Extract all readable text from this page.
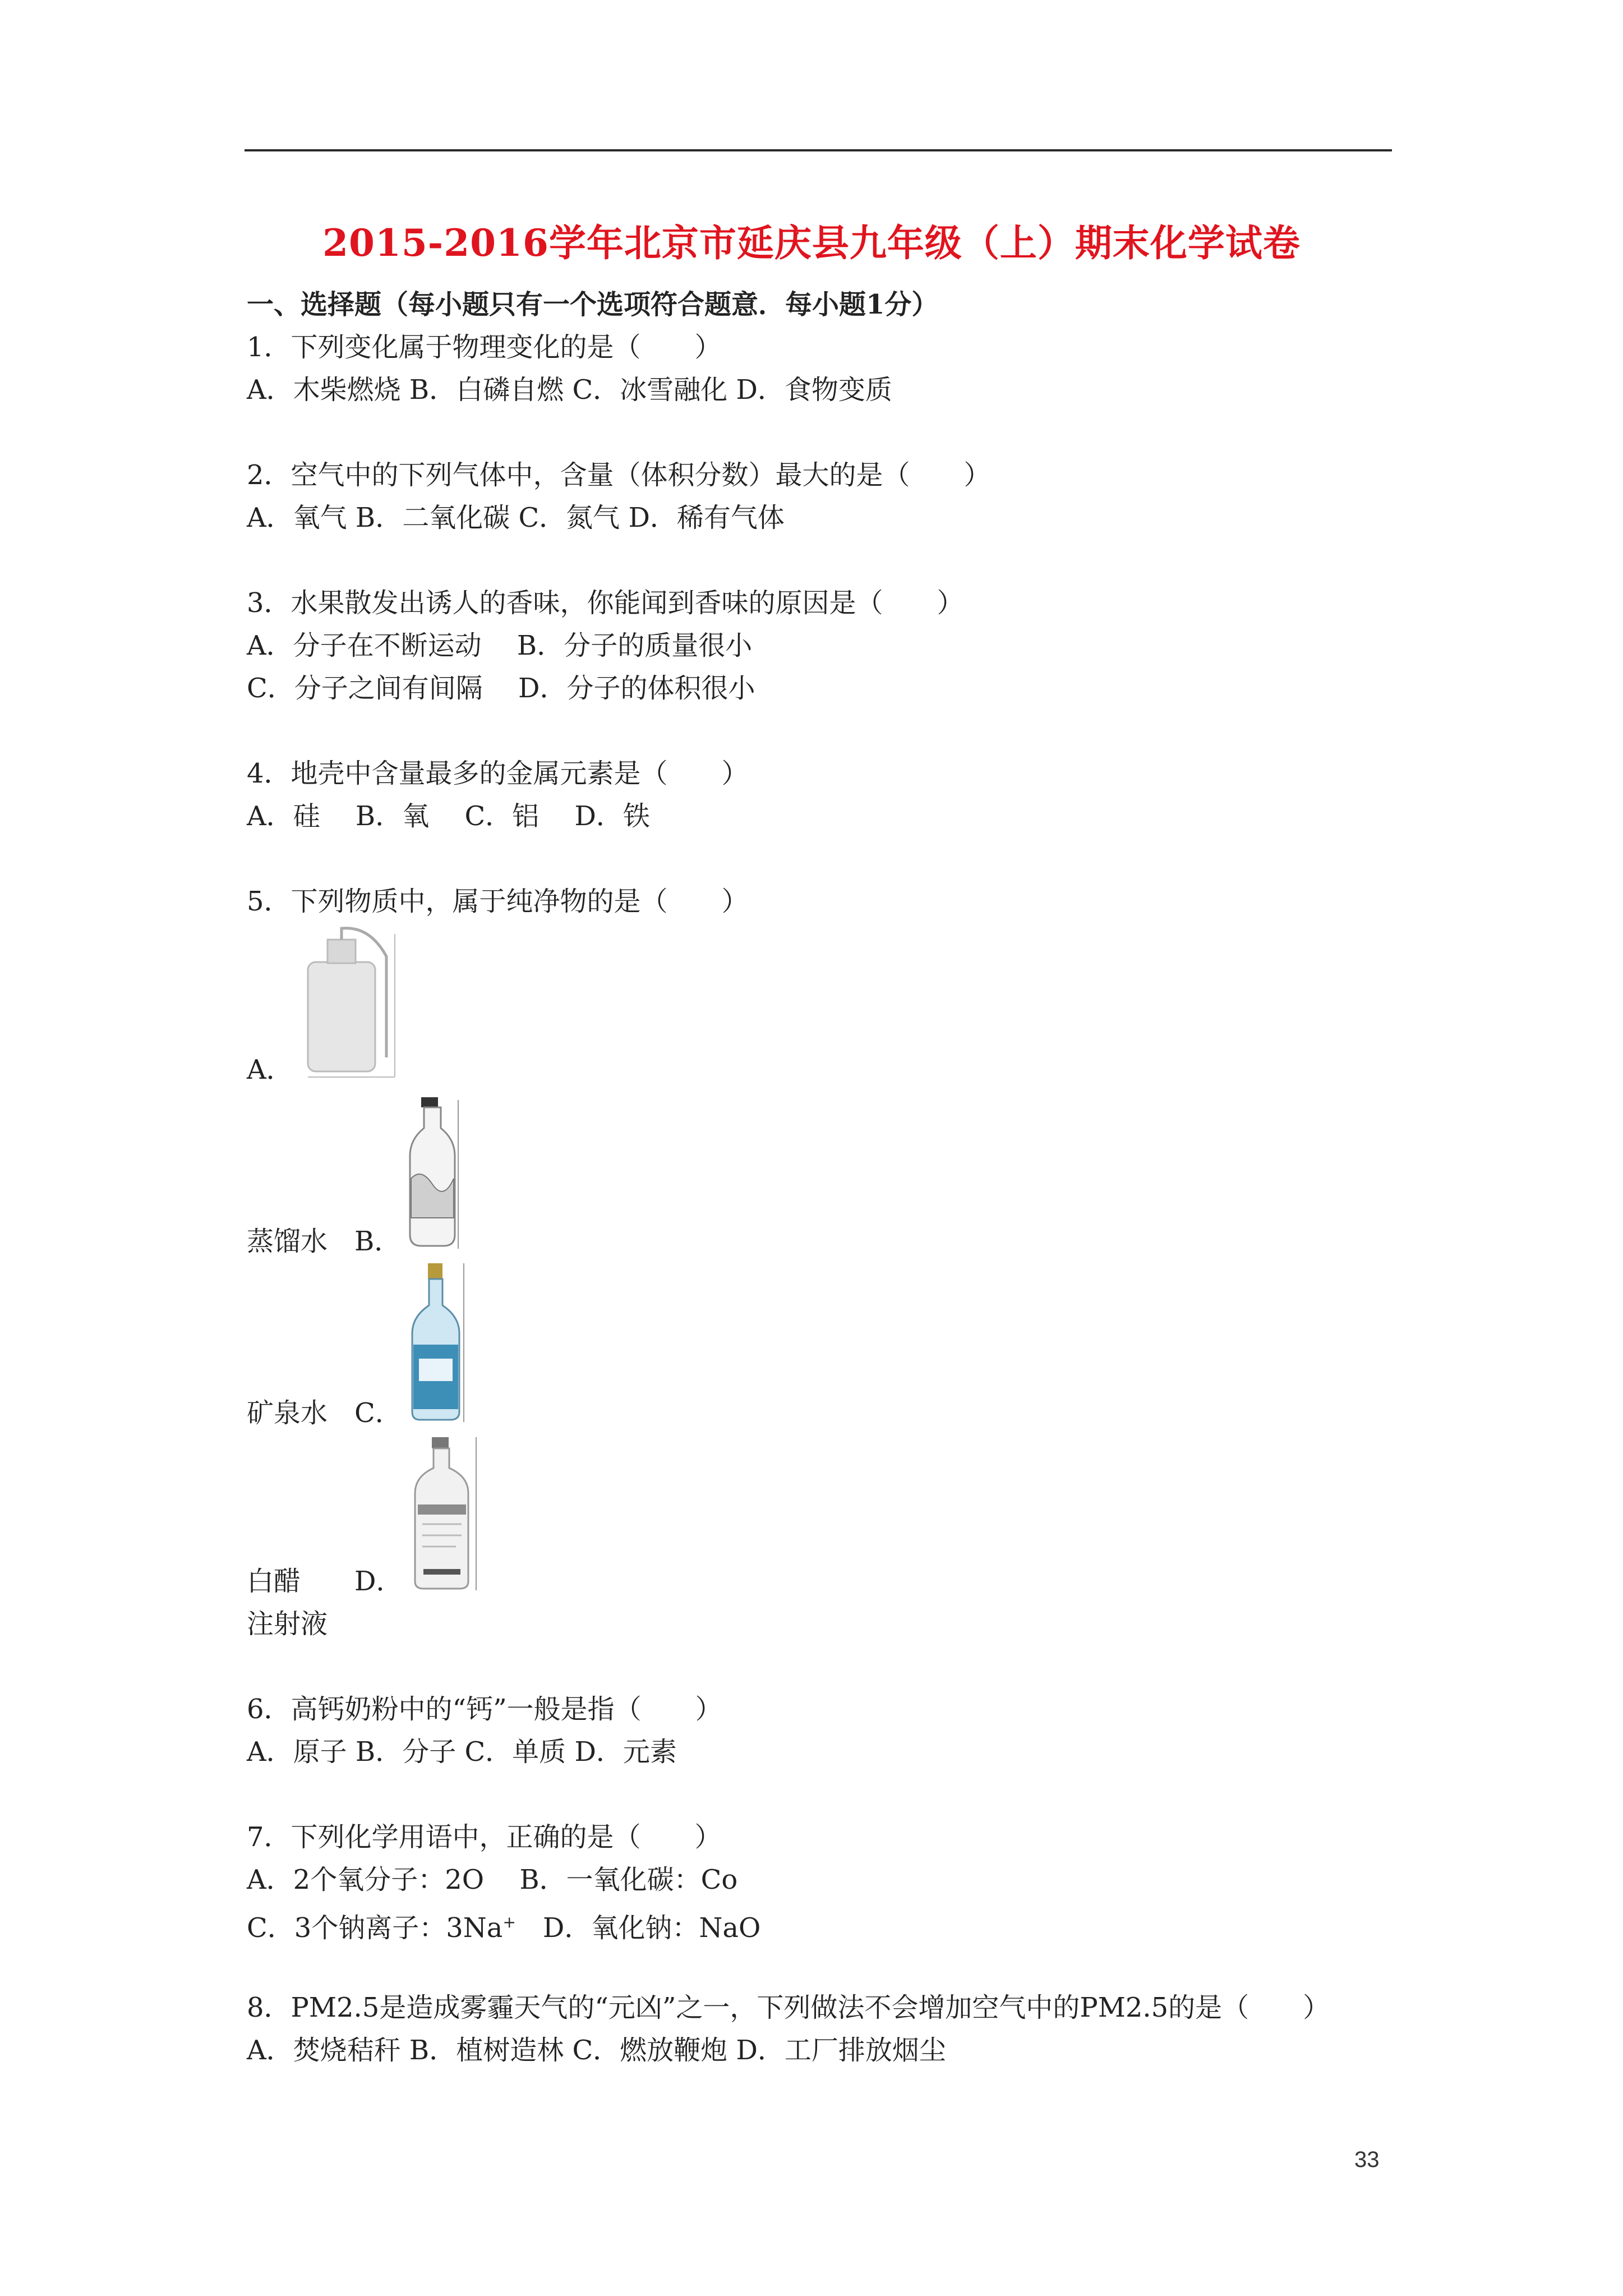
2015-2016学年北京市延庆县九年级（上）期末化学试卷
一、选择题（每小题只有一个选项符合题意．每小题1分）
1．下列变化属于物理变化的是（　　）
A．木柴燃烧 B．白磷自燃 C．冰雪融化 D．食物变质
2．空气中的下列气体中，含量（体积分数）最大的是（　　）
A．氧气 B．二氧化碳 C．氮气 D．稀有气体
3．水果散发出诱人的香味，你能闻到香味的原因是（　　）
A．分子在不断运动　 B．分子的质量很小
C．分子之间有间隔　 D．分子的体积很小
4．地壳中含量最多的金属元素是（　　）
A．硅　 B．氧　 C．铝　 D．铁
5．下列物质中，属于纯净物的是（　　）
A．
蒸馏水　B．
矿泉水　C．
白醋　　D．
注射液
6．高钙奶粉中的“钙”一般是指（　　）
A．原子 B．分子 C．单质 D．元素
7．下列化学用语中，正确的是（　　）
A．2个氧分子：2O　 B．一氧化碳：Co
C．3个钠离子：3Na+　D．氧化钠：NaO
8．PM2.5是造成雾霾天气的“元凶”之一，下列做法不会增加空气中的PM2.5的是（　　）
A．焚烧秸秆 B．植树造林 C．燃放鞭炮 D．工厂排放烟尘
33
